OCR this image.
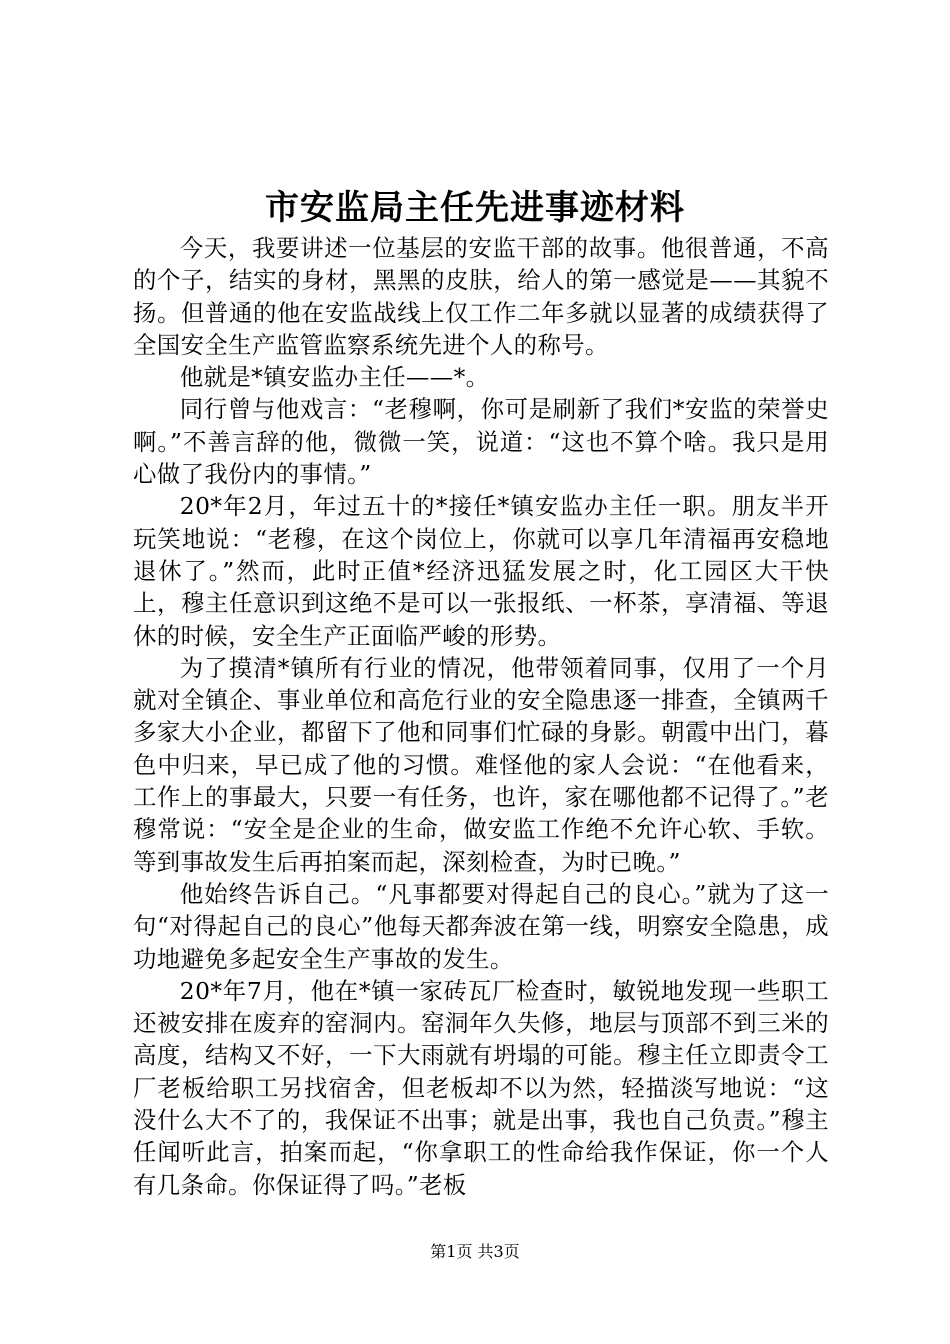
市安监局主任先进事迹材料

今天，我要讲述一位基层的安监干部的故事。他很普通，不高的个子，结实的身材，黑黑的皮肤，给人的第一感觉是——其貌不扬。但普通的他在安监战线上仅工作二年多就以显著的成绩获得了全国安全生产监管监察系统先进个人的称号。

他就是*镇安监办主任——*。

同行曾与他戏言：“老穆啊，你可是刷新了我们*安监的荣誉史啊。”不善言辞的他，微微一笑，说道：“这也不算个啥。我只是用心做了我份内的事情。”

20*年2月，年过五十的*接任*镇安监办主任一职。朋友半开玩笑地说：“老穆，在这个岗位上，你就可以享几年清福再安稳地退休了。”然而，此时正值*经济迅猛发展之时，化工园区大干快上，穆主任意识到这绝不是可以一张报纸、一杯茶，享清福、等退休的时候，安全生产正面临严峻的形势。

为了摸清*镇所有行业的情况，他带领着同事，仅用了一个月就对全镇企、事业单位和高危行业的安全隐患逐一排查，全镇两千多家大小企业，都留下了他和同事们忙碌的身影。朝霞中出门，暮色中归来，早已成了他的习惯。难怪他的家人会说：“在他看来，工作上的事最大，只要一有任务，也许，家在哪他都不记得了。”老穆常说：“安全是企业的生命，做安监工作绝不允许心软、手软。等到事故发生后再拍案而起，深刻检查，为时已晚。”

他始终告诉自己。“凡事都要对得起自己的良心。”就为了这一句“对得起自己的良心”他每天都奔波在第一线，明察安全隐患，成功地避免多起安全生产事故的发生。

20*年7月，他在*镇一家砖瓦厂检查时，敏锐地发现一些职工还被安排在废弃的窑洞内。窑洞年久失修，地层与顶部不到三米的高度，结构又不好，一下大雨就有坍塌的可能。穆主任立即责令工厂老板给职工另找宿舍，但老板却不以为然，轻描淡写地说：“这没什么大不了的，我保证不出事；就是出事，我也自己负责。”穆主任闻听此言，拍案而起，“你拿职工的性命给我作保证，你一个人有几条命。你保证得了吗。”老板

第1页 共3页
